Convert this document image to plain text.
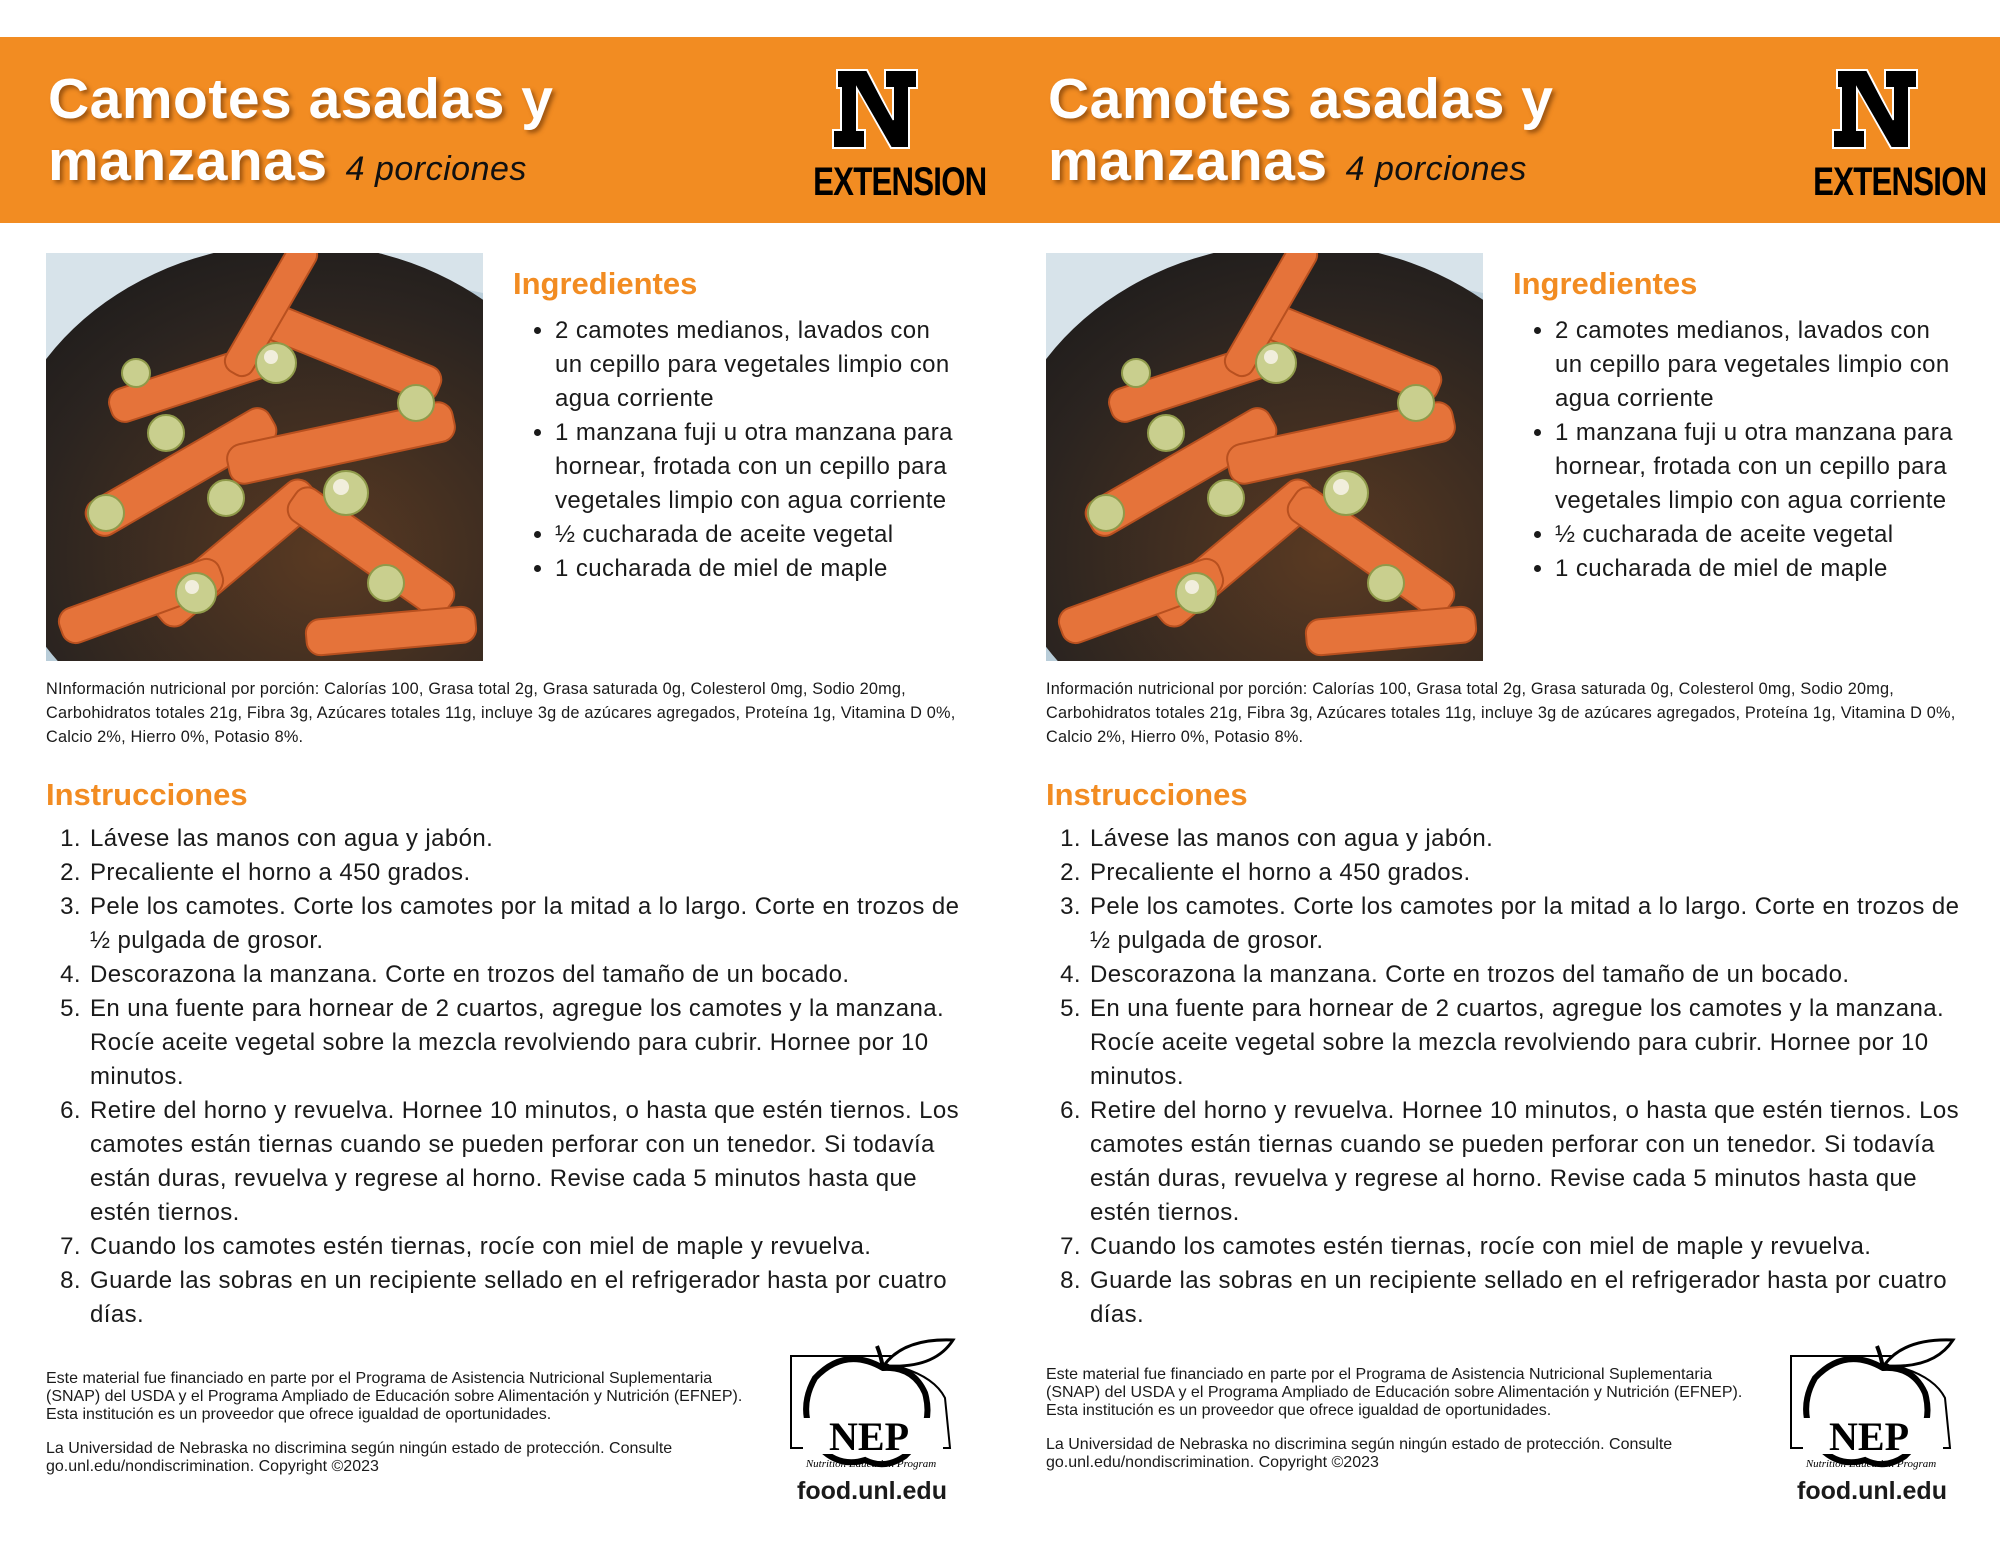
Camotes asadas y
manzanas 4 porciones	EXTENSION
Ingredientes
• 2 camotes medianos, lavados con un cepillo para vegetales limpio con agua corriente
• 1 manzana fuji u otra manzana para hornear, frotada con un cepillo para vegetales limpio con agua corriente
• ½ cucharada de aceite vegetal
• 1 cucharada de miel de maple
NInformación nutricional por porción: Calorías 100, Grasa total 2g, Grasa saturada 0g, Colesterol 0mg, Sodio 20mg, Carbohidratos totales 21g, Fibra 3g, Azúcares totales 11g, incluye 3g de azúcares agregados, Proteína 1g, Vitamina D 0%, Calcio 2%, Hierro 0%, Potasio 8%.
Instrucciones
1. Lávese las manos con agua y jabón.
2. Precaliente el horno a 450 grados.
3. Pele los camotes. Corte los camotes por la mitad a lo largo. Corte en trozos de ½ pulgada de grosor.
4. Descorazona la manzana. Corte en trozos del tamaño de un bocado.
5. En una fuente para hornear de 2 cuartos, agregue los camotes y la manzana. Rocíe aceite vegetal sobre la mezcla revolviendo para cubrir. Hornee por 10 minutos.
6. Retire del horno y revuelva. Hornee 10 minutos, o hasta que estén tiernos. Los camotes están tiernas cuando se pueden perforar con un tenedor. Si todavía están duras, revuelva y regrese al horno. Revise cada 5 minutos hasta que estén tiernos.
7. Cuando los camotes estén tiernas, rocíe con miel de maple y revuelva.
8. Guarde las sobras en un recipiente sellado en el refrigerador hasta por cuatro días.

Este material fue financiado en parte por el Programa de Asistencia Nutricional Suplementaria (SNAP) del USDA y el Programa Ampliado de Educación sobre Alimentación y Nutrición (EFNEP). Esta institución es un proveedor que ofrece igualdad de oportunidades.

La Universidad de Nebraska no discrimina según ningún estado de protección. Consulte go.unl.edu/nondiscrimination. Copyright ©2023

NEP
Nutrition Education Program
food.unl.edu
Camotes asadas y
manzanas 4 porciones	EXTENSION
Ingredientes
• 2 camotes medianos, lavados con un cepillo para vegetales limpio con agua corriente
• 1 manzana fuji u otra manzana para hornear, frotada con un cepillo para vegetales limpio con agua corriente
• ½ cucharada de aceite vegetal
• 1 cucharada de miel de maple
Información nutricional por porción: Calorías 100, Grasa total 2g, Grasa saturada 0g, Colesterol 0mg, Sodio 20mg, Carbohidratos totales 21g, Fibra 3g, Azúcares totales 11g, incluye 3g de azúcares agregados, Proteína 1g, Vitamina D 0%, Calcio 2%, Hierro 0%, Potasio 8%.
Instrucciones
1. Lávese las manos con agua y jabón.
2. Precaliente el horno a 450 grados.
3. Pele los camotes. Corte los camotes por la mitad a lo largo. Corte en trozos de ½ pulgada de grosor.
4. Descorazona la manzana. Corte en trozos del tamaño de un bocado.
5. En una fuente para hornear de 2 cuartos, agregue los camotes y la manzana. Rocíe aceite vegetal sobre la mezcla revolviendo para cubrir. Hornee por 10 minutos.
6. Retire del horno y revuelva. Hornee 10 minutos, o hasta que estén tiernos. Los camotes están tiernas cuando se pueden perforar con un tenedor. Si todavía están duras, revuelva y regrese al horno. Revise cada 5 minutos hasta que estén tiernos.
7. Cuando los camotes estén tiernas, rocíe con miel de maple y revuelva.
8. Guarde las sobras en un recipiente sellado en el refrigerador hasta por cuatro días.

Este material fue financiado en parte por el Programa de Asistencia Nutricional Suplementaria (SNAP) del USDA y el Programa Ampliado de Educación sobre Alimentación y Nutrición (EFNEP). Esta institución es un proveedor que ofrece igualdad de oportunidades.

La Universidad de Nebraska no discrimina según ningún estado de protección. Consulte go.unl.edu/nondiscrimination. Copyright ©2023

NEP
Nutrition Education Program
food.unl.edu
